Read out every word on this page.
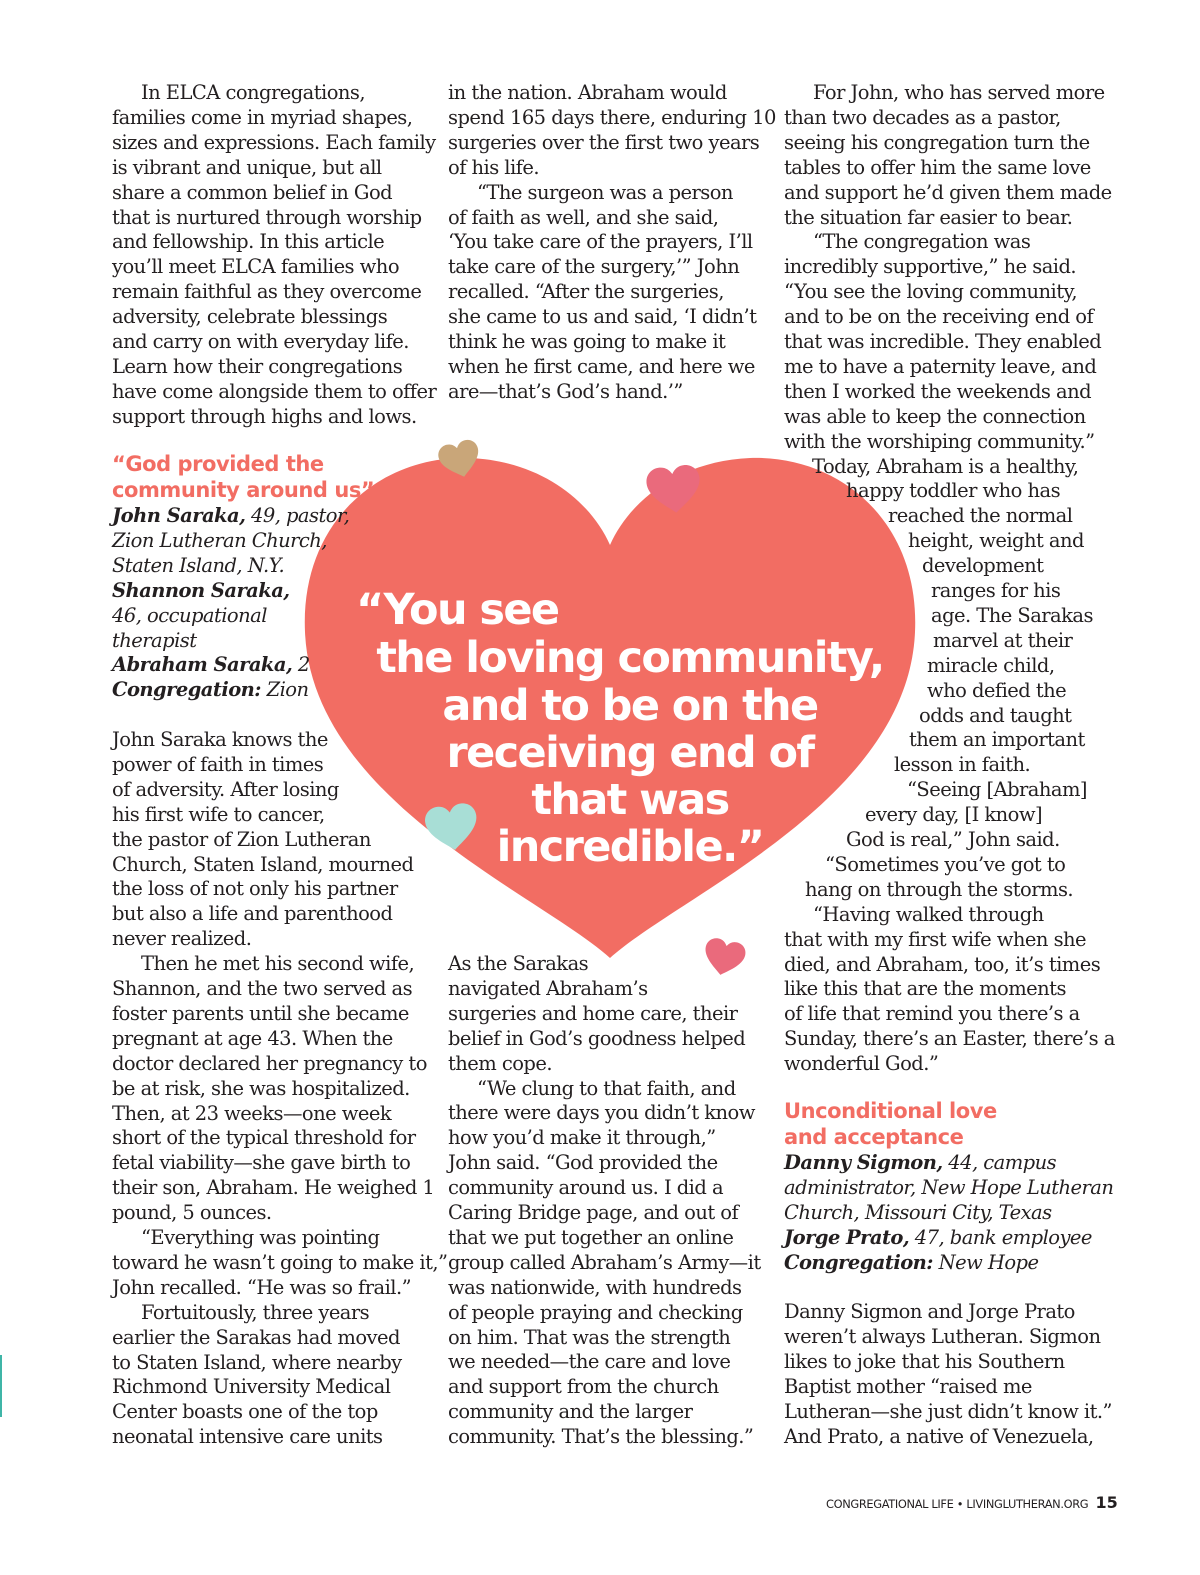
“You see
the loving community,
and to be on the
receiving end of
that was
incredible.”
In ELCA congregations,
families come in myriad shapes,
sizes and expressions. Each family
is vibrant and unique, but all
share a common belief in God
that is nurtured through worship
and fellowship. In this article
you’ll meet ELCA families who
remain faithful as they overcome
adversity, celebrate blessings
and carry on with everyday life.
Learn how their congregations
have come alongside them to offer
support through highs and lows.
“God provided the
community around us”
John Saraka, 49, pastor,
Zion Lutheran Church,
Staten Island, N.Y.
Shannon Saraka,
46, occupational
therapist
Abraham Saraka, 2
Congregation: Zion
John Saraka knows the
power of faith in times
of adversity. After losing
his first wife to cancer,
the pastor of Zion Lutheran
Church, Staten Island, mourned
the loss of not only his partner
but also a life and parenthood
never realized.
Then he met his second wife,
Shannon, and the two served as
foster parents until she became
pregnant at age 43. When the
doctor declared her pregnancy to
be at risk, she was hospitalized.
Then, at 23 weeks—one week
short of the typical threshold for
fetal viability—she gave birth to
their son, Abraham. He weighed 1
pound, 5 ounces.
“Everything was pointing
toward he wasn’t going to make it,”
John recalled. “He was so frail.”
Fortuitously, three years
earlier the Sarakas had moved
to Staten Island, where nearby
Richmond University Medical
Center boasts one of the top
neonatal intensive care units
in the nation. Abraham would
spend 165 days there, enduring 10
surgeries over the first two years
of his life.
“The surgeon was a person
of faith as well, and she said,
‘You take care of the prayers, I’ll
take care of the surgery,’” John
recalled. “After the surgeries,
she came to us and said, ‘I didn’t
think he was going to make it
when he first came, and here we
are—that’s God’s hand.’”
As the Sarakas
navigated Abraham’s
surgeries and home care, their
belief in God’s goodness helped
them cope.
“We clung to that faith, and
there were days you didn’t know
how you’d make it through,”
John said. “God provided the
community around us. I did a
Caring Bridge page, and out of
that we put together an online
group called Abraham’s Army—it
was nationwide, with hundreds
of people praying and checking
on him. That was the strength
we needed—the care and love
and support from the church
community and the larger
community. That’s the blessing.”
For John, who has served more
than two decades as a pastor,
seeing his congregation turn the
tables to offer him the same love
and support he’d given them made
the situation far easier to bear.
“The congregation was
incredibly supportive,” he said.
“You see the loving community,
and to be on the receiving end of
that was incredible. They enabled
me to have a paternity leave, and
then I worked the weekends and
was able to keep the connection
with the worshiping community.”
Today, Abraham is a healthy,
happy toddler who has
reached the normal
height, weight and
development
ranges for his
age. The Sarakas
marvel at their
miracle child,
who defied the
odds and taught
them an important
lesson in faith.
“Seeing [Abraham]
every day, [I know]
God is real,” John said.
“Sometimes you’ve got to
hang on through the storms.
“Having walked through
that with my first wife when she
died, and Abraham, too, it’s times
like this that are the moments
of life that remind you there’s a
Sunday, there’s an Easter, there’s a
wonderful God.”
Unconditional love
and acceptance
Danny Sigmon, 44, campus
administrator, New Hope Lutheran
Church, Missouri City, Texas
Jorge Prato, 47, bank employee
Congregation: New Hope
Danny Sigmon and Jorge Prato
weren’t always Lutheran. Sigmon
likes to joke that his Southern
Baptist mother “raised me
Lutheran—she just didn’t know it.”
And Prato, a native of Venezuela,
CONGREGATIONAL LIFE • LIVINGLUTHERAN.ORG 15
